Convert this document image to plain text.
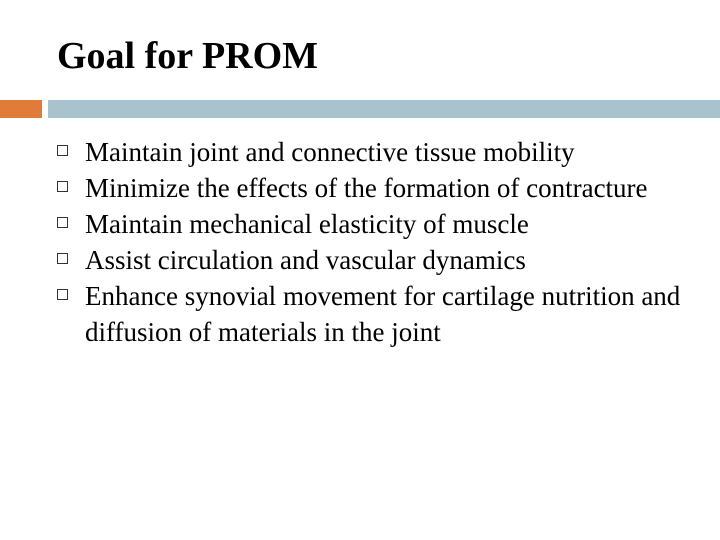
Goal for PROM
Maintain joint and connective tissue mobility
Minimize the effects of the formation of contracture
Maintain mechanical elasticity of muscle
Assist circulation and vascular dynamics
Enhance synovial movement for cartilage nutrition and diffusion of materials in the joint
